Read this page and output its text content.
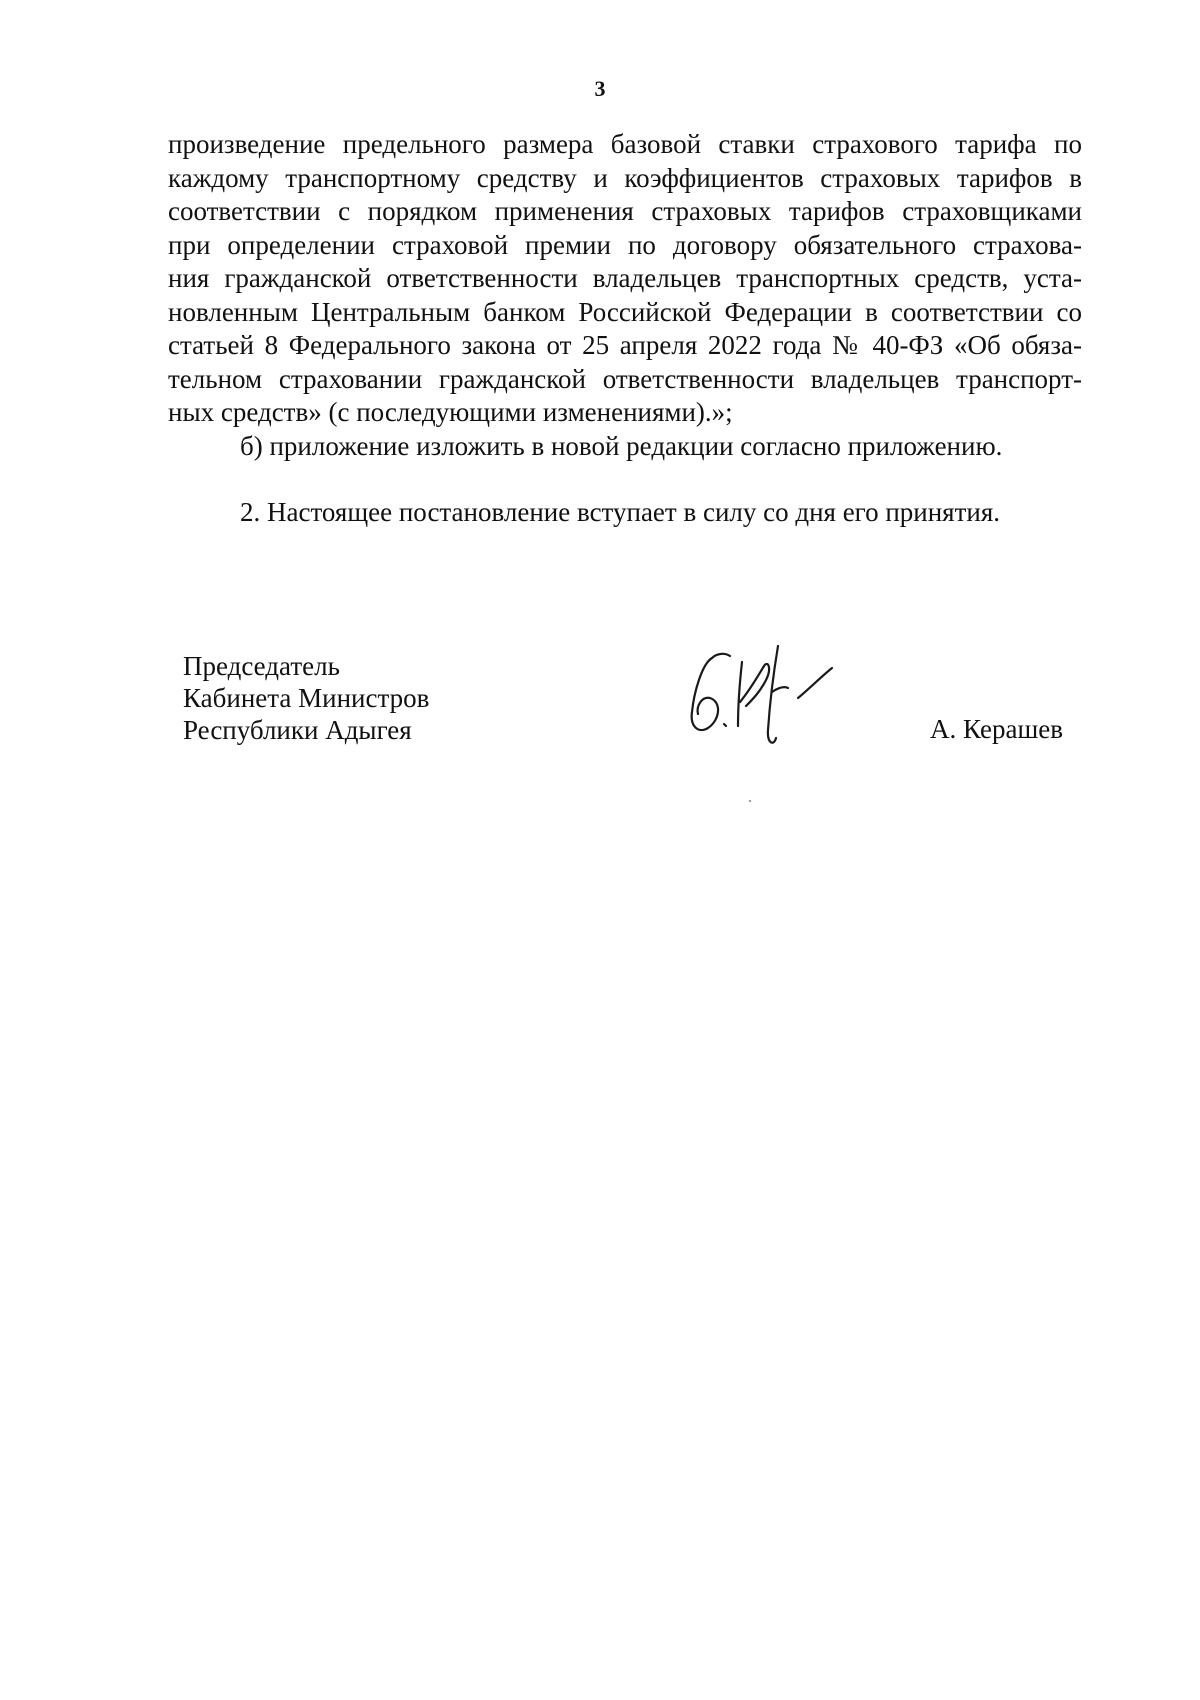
3
произведение предельного размера базовой ставки страхового тарифа по
каждому транспортному средству и коэффициентов страховых тарифов в
соответствии с порядком применения страховых тарифов страховщиками
при определении страховой премии по договору обязательного страхова-
ния гражданской ответственности владельцев транспортных средств, уста-
новленным Центральным банком Российской Федерации в соответствии со
статьей 8 Федерального закона от 25 апреля 2022 года № 40-ФЗ «Об обяза-
тельном страховании гражданской ответственности владельцев транспорт-
ных средств» (с последующими изменениями).»;
б) приложение изложить в новой редакции согласно приложению.
2. Настоящее постановление вступает в силу со дня его принятия.
Председатель
Кабинета Министров
Республики Адыгея	А. Керашев
